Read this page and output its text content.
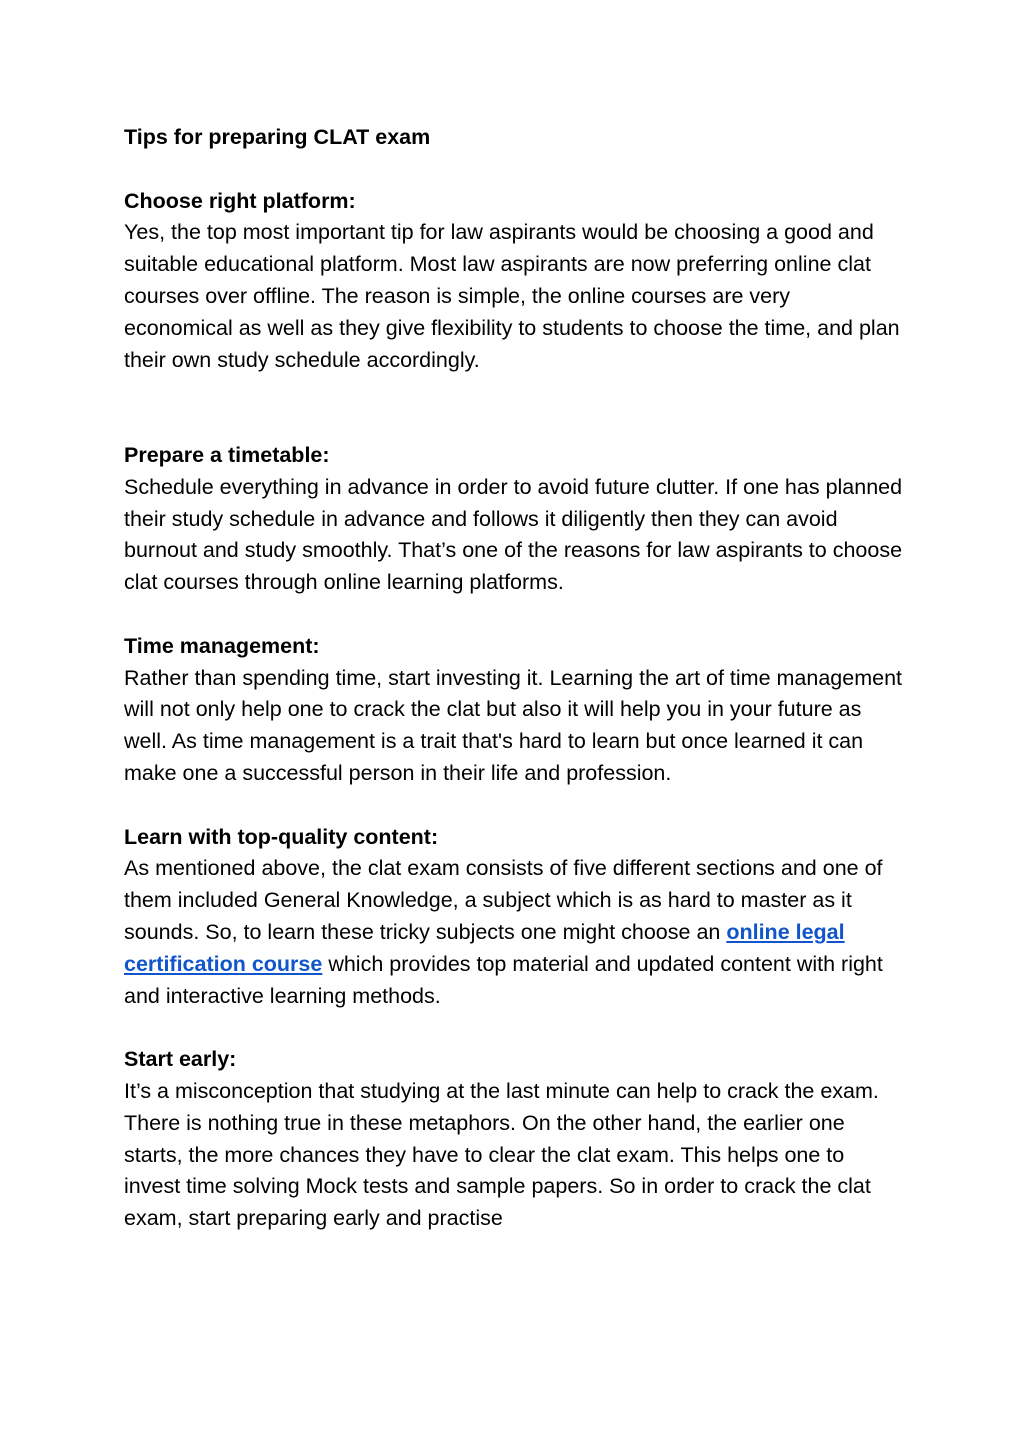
Tips for preparing CLAT exam

Choose right platform:

Yes, the top most important tip for law aspirants would be choosing a good and suitable educational platform. Most law aspirants are now preferring online clat courses over offline. The reason is simple, the online courses are very economical as well as they give flexibility to students to choose the time, and plan their own study schedule accordingly.

Prepare a timetable:

Schedule everything in advance in order to avoid future clutter. If one has planned their study schedule in advance and follows it diligently then they can avoid burnout and study smoothly. That’s one of the reasons for law aspirants to choose clat courses through online learning platforms.

Time management:

Rather than spending time, start investing it. Learning the art of time management will not only help one to crack the clat but also it will help you in your future as well. As time management is a trait that's hard to learn but once learned it can make one a successful person in their life and profession.

Learn with top-quality content:

As mentioned above, the clat exam consists of five different sections and one of them included General Knowledge, a subject which is as hard to master as it sounds. So, to learn these tricky subjects one might choose an online legal certification course which provides top material and updated content with right and interactive learning methods.

Start early:

It’s a misconception that studying at the last minute can help to crack the exam. There is nothing true in these metaphors. On the other hand, the earlier one starts, the more chances they have to clear the clat exam. This helps one to invest time solving Mock tests and sample papers. So in order to crack the clat exam, start preparing early and practise
